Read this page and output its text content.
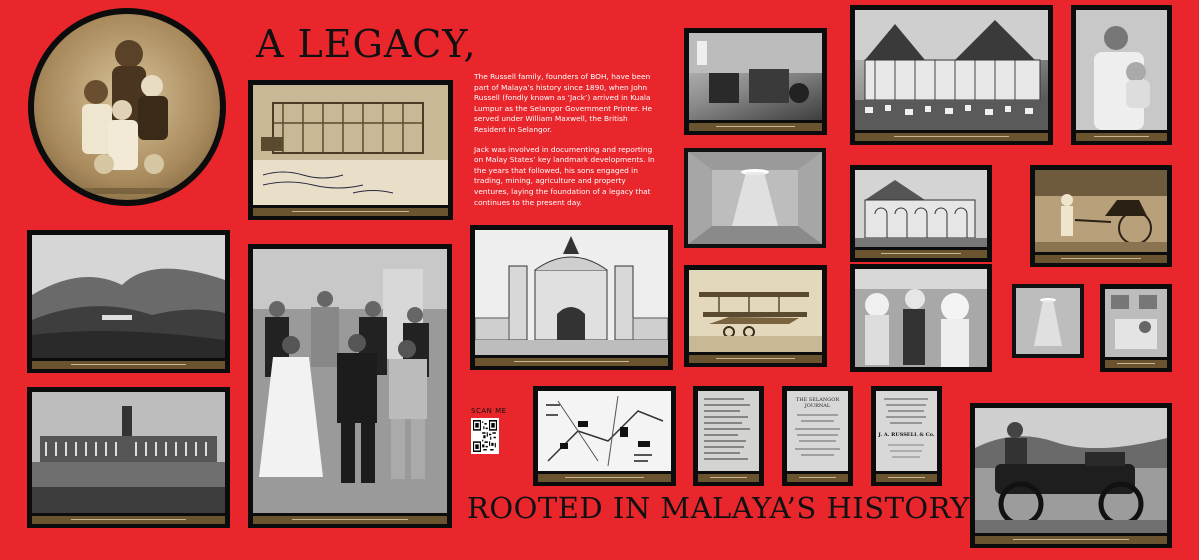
A LEGACY,

The Russell family, founders of BOH, have been part of Malaya’s history since 1890, when John Russell (fondly known as ‘Jack’) arrived in Kuala Lumpur as the Selangor Government Printer. He served under William Maxwell, the British Resident in Selangor.

Jack was involved in documenting and reporting on Malay States’ key landmark developments. In the years that followed, his sons engaged in trading, mining, agriculture and property ventures, laying the foundation of a legacy that continues to the present day.

SCAN ME
THE SELANGOR JOURNAL
J. A. RUSSELL & Co.
ROOTED IN MALAYA’S HISTORY
